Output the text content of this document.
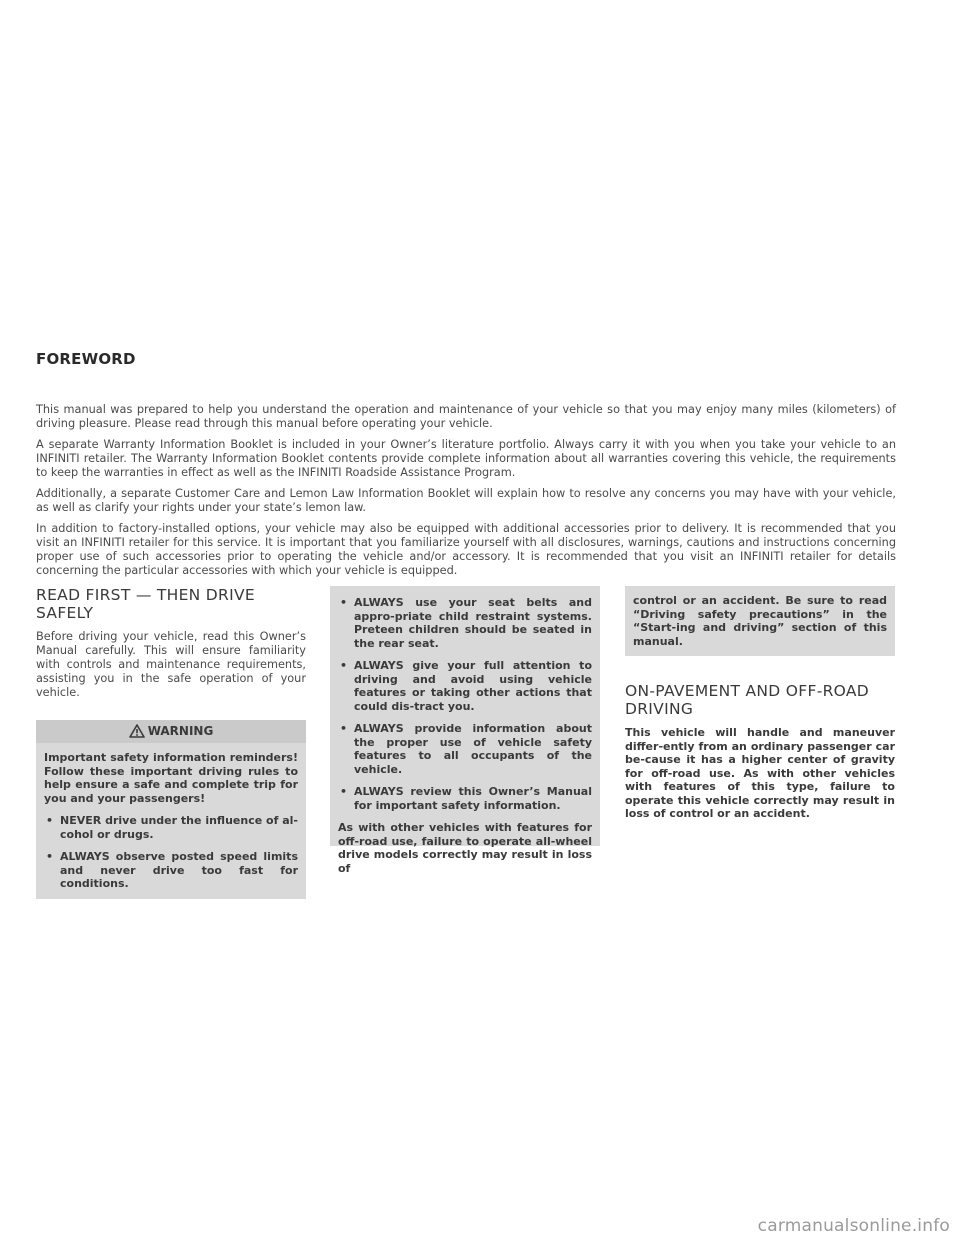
FOREWORD

This manual was prepared to help you understand the operation and maintenance of your vehicle so that you may enjoy many miles (kilometers) of driving pleasure. Please read through this manual before operating your vehicle.

A separate Warranty Information Booklet is included in your Owner’s literature portfolio. Always carry it with you when you take your vehicle to an INFINITI retailer. The Warranty Information Booklet contents provide complete information about all warranties covering this vehicle, the requirements to keep the warranties in effect as well as the INFINITI Roadside Assistance Program.

Additionally, a separate Customer Care and Lemon Law Information Booklet will explain how to resolve any concerns you may have with your vehicle, as well as clarify your rights under your state’s lemon law.

In addition to factory-installed options, your vehicle may also be equipped with additional accessories prior to delivery. It is recommended that you visit an INFINITI retailer for this service. It is important that you familiarize yourself with all disclosures, warnings, cautions and instructions concerning proper use of such accessories prior to operating the vehicle and/or accessory. It is recommended that you visit an INFINITI retailer for details concerning the particular accessories with which your vehicle is equipped.

READ FIRST — THEN DRIVE
SAFELY

Before driving your vehicle, read this Owner’s Manual carefully. This will ensure familiarity with controls and maintenance requirements, assisting you in the safe operation of your vehicle.

WARNING

Important safety information reminders! Follow these important driving rules to help ensure a safe and complete trip for you and your passengers!

• NEVER drive under the influence of al-cohol or drugs.
• ALWAYS observe posted speed limits and never drive too fast for conditions.
• ALWAYS use your seat belts and appro-priate child restraint systems. Preteen children should be seated in the rear seat.
• ALWAYS give your full attention to driving and avoid using vehicle features or taking other actions that could dis-tract you.
• ALWAYS provide information about the proper use of vehicle safety features to all occupants of the vehicle.
• ALWAYS review this Owner’s Manual for important safety information.

As with other vehicles with features for off-road use, failure to operate all-wheel drive models correctly may result in loss of

control or an accident. Be sure to read “Driving safety precautions” in the “Start-ing and driving” section of this manual.

ON-PAVEMENT AND OFF-ROAD
DRIVING

This vehicle will handle and maneuver differ-ently from an ordinary passenger car be-cause it has a higher center of gravity for off-road use. As with other vehicles with features of this type, failure to operate this vehicle correctly may result in loss of control or an accident.

carmanualsonline.info
